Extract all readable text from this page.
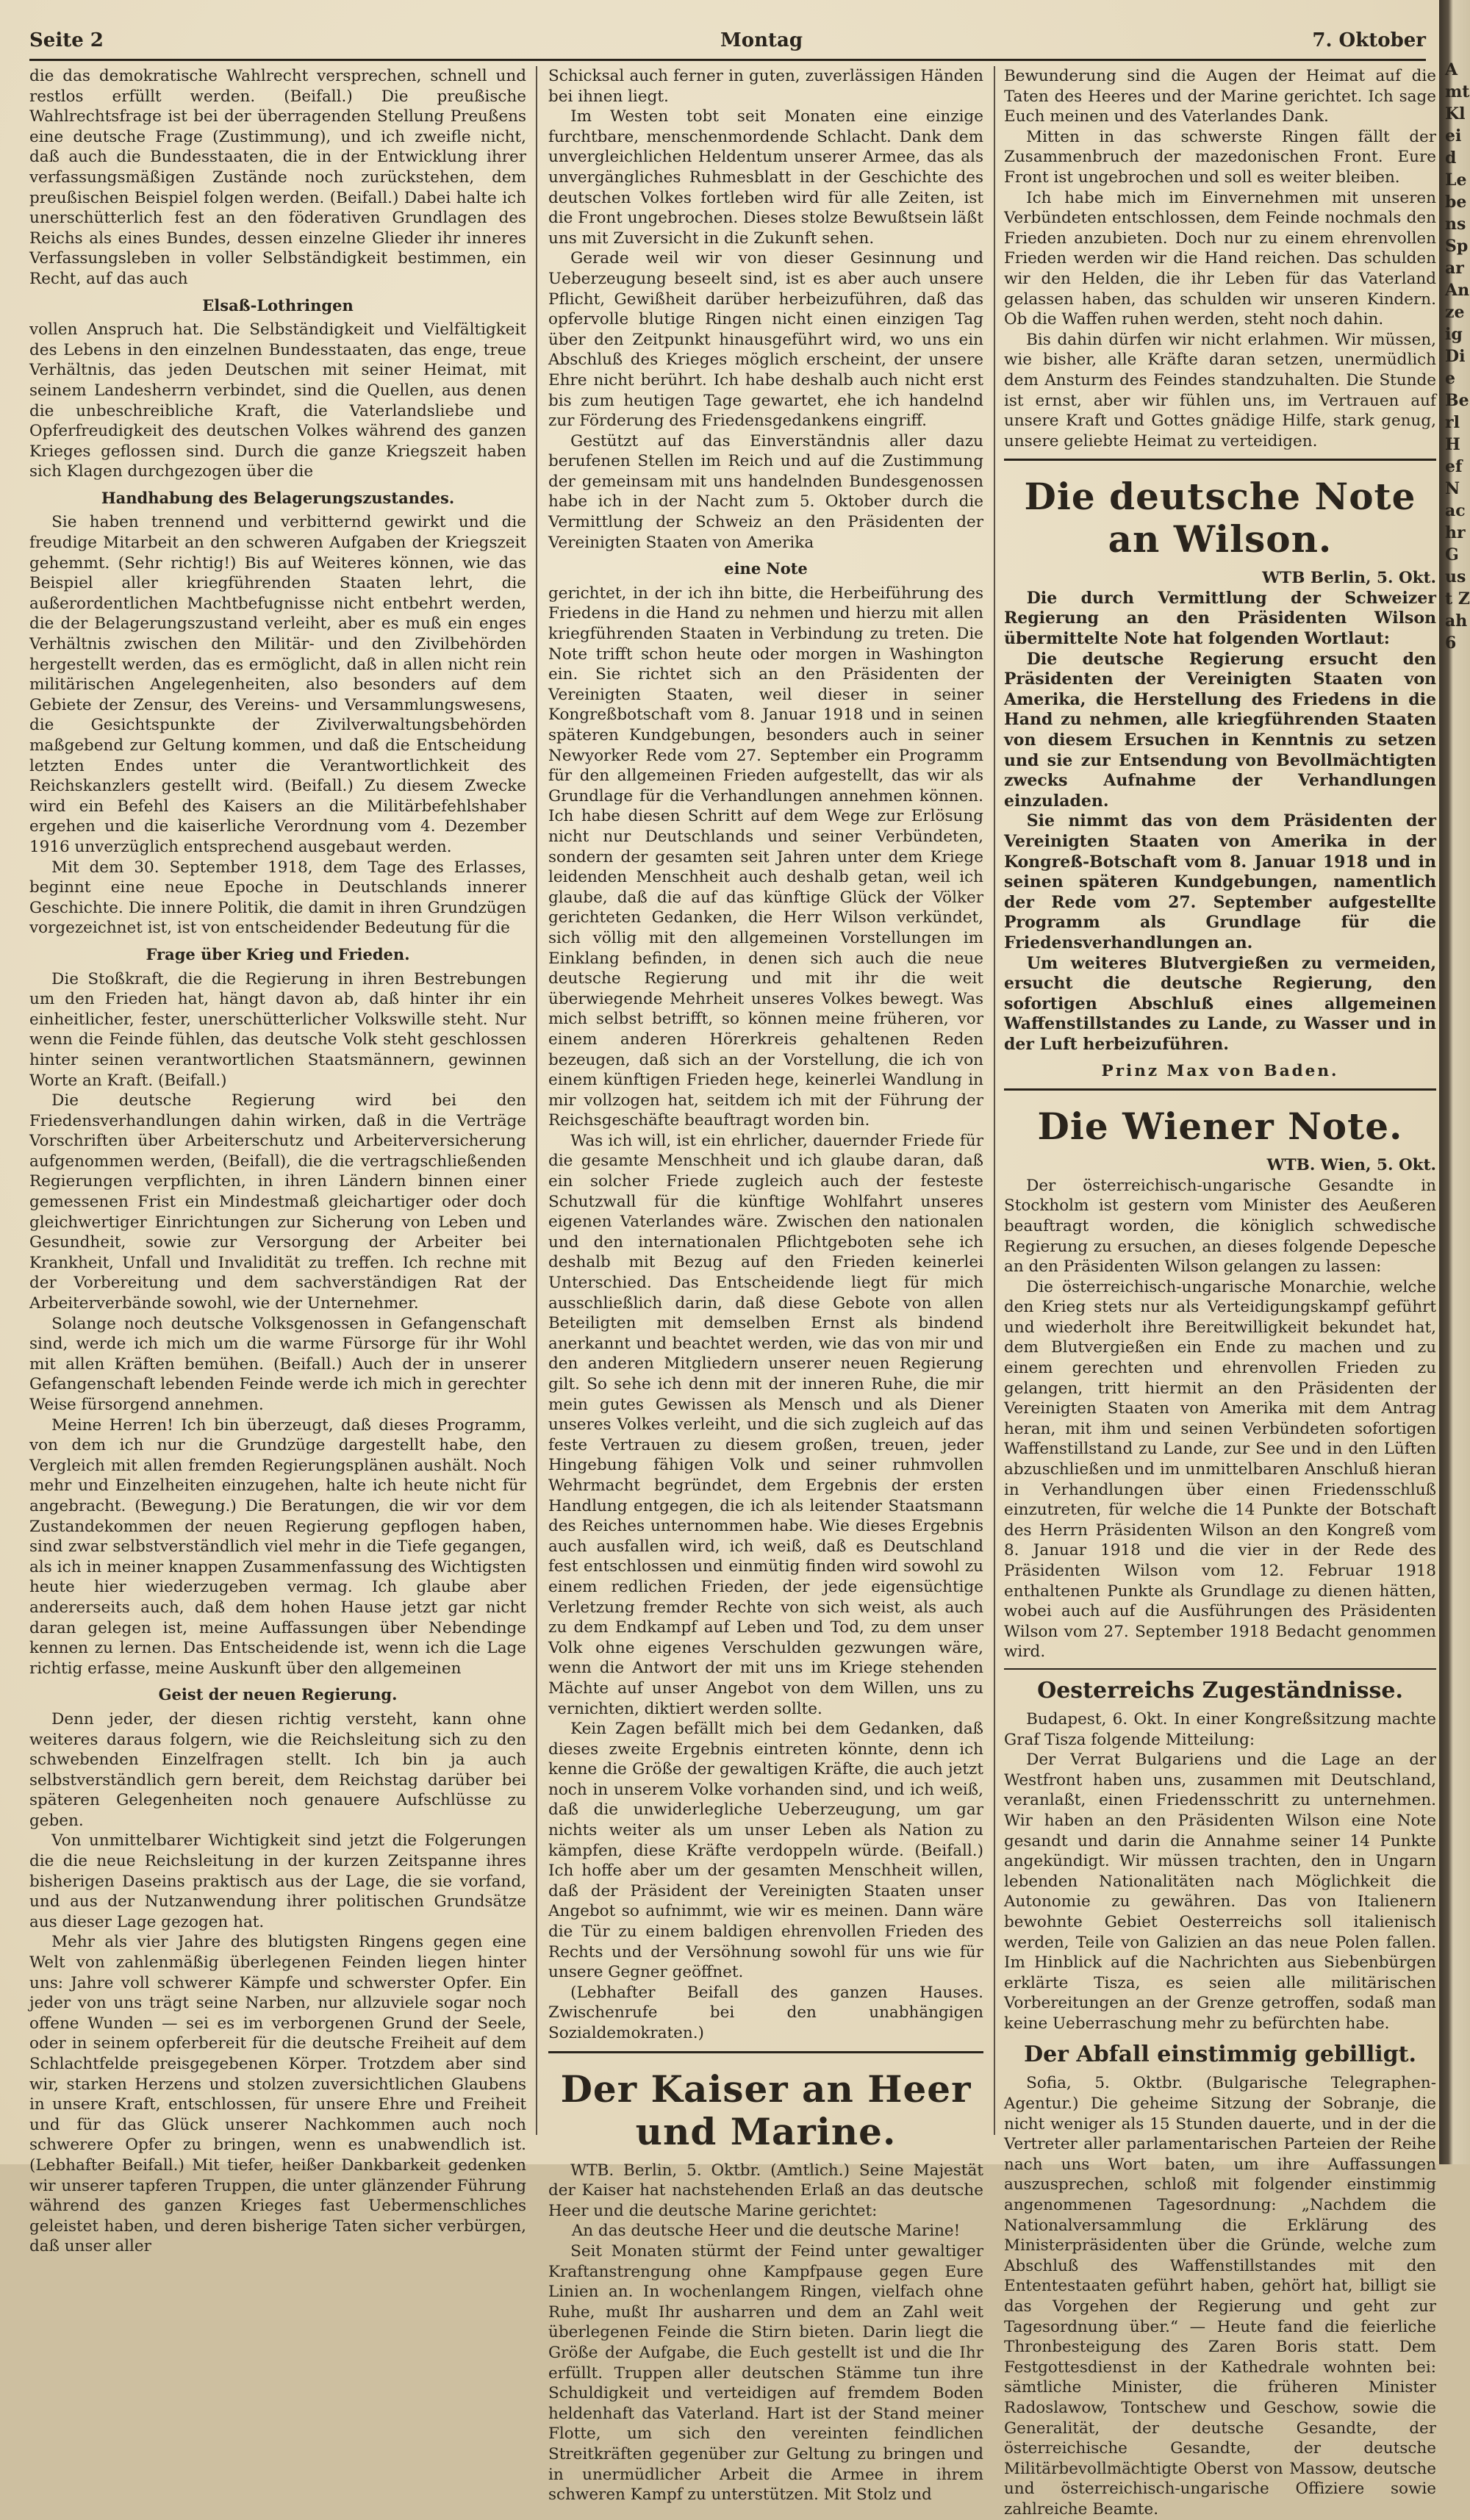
Seite 2	Montag	7. Oktober

die das demokratische Wahlrecht versprechen, schnell und restlos erfüllt werden. (Beifall.) Die preußische Wahlrechtsfrage ist bei der überragenden Stellung Preußens eine deutsche Frage (Zustimmung), und ich zweifle nicht, daß auch die Bundesstaaten, die in der Entwicklung ihrer verfassungsmäßigen Zustände noch zurückstehen, dem preußischen Beispiel folgen werden. (Beifall.) Dabei halte ich unerschütterlich fest an den föderativen Grundlagen des Reichs als eines Bundes, dessen einzelne Glieder ihr inneres Verfassungsleben in voller Selbständigkeit bestimmen, ein Recht, auf das auch

Elsaß-Lothringen

vollen Anspruch hat. Die Selbständigkeit und Vielfältigkeit des Lebens in den einzelnen Bundesstaaten, das enge, treue Verhältnis, das jeden Deutschen mit seiner Heimat, mit seinem Landesherrn verbindet, sind die Quellen, aus denen die unbeschreibliche Kraft, die Vaterlandsliebe und Opferfreudigkeit des deutschen Volkes während des ganzen Krieges geflossen sind. Durch die ganze Kriegszeit haben sich Klagen durchgezogen über die

Handhabung des Belagerungszustandes.

Sie haben trennend und verbitternd gewirkt und die freudige Mitarbeit an den schweren Aufgaben der Kriegszeit gehemmt. (Sehr richtig!) Bis auf Weiteres können, wie das Beispiel aller kriegführenden Staaten lehrt, die außerordentlichen Machtbefugnisse nicht entbehrt werden, die der Belagerungszustand verleiht, aber es muß ein enges Verhältnis zwischen den Militär- und den Zivilbehörden hergestellt werden, das es ermöglicht, daß in allen nicht rein militärischen Angelegenheiten, also besonders auf dem Gebiete der Zensur, des Vereins- und Versammlungswesens, die Gesichtspunkte der Zivilverwaltungsbehörden maßgebend zur Geltung kommen, und daß die Entscheidung letzten Endes unter die Verantwortlichkeit des Reichskanzlers gestellt wird. (Beifall.) Zu diesem Zwecke wird ein Befehl des Kaisers an die Militärbefehlshaber ergehen und die kaiserliche Verordnung vom 4. Dezember 1916 unverzüglich entsprechend ausgebaut werden.

Mit dem 30. September 1918, dem Tage des Erlasses, beginnt eine neue Epoche in Deutschlands innerer Geschichte. Die innere Politik, die damit in ihren Grundzügen vorgezeichnet ist, ist von entscheidender Bedeutung für die

Frage über Krieg und Frieden.

Die Stoßkraft, die die Regierung in ihren Bestrebungen um den Frieden hat, hängt davon ab, daß hinter ihr ein einheitlicher, fester, unerschütterlicher Volkswille steht. Nur wenn die Feinde fühlen, das deutsche Volk steht geschlossen hinter seinen verantwortlichen Staatsmännern, gewinnen Worte an Kraft. (Beifall.)

Die deutsche Regierung wird bei den Friedensverhandlungen dahin wirken, daß in die Verträge Vorschriften über Arbeiterschutz und Arbeiterversicherung aufgenommen werden, (Beifall), die die vertragschließenden Regierungen verpflichten, in ihren Ländern binnen einer gemessenen Frist ein Mindestmaß gleichartiger oder doch gleichwertiger Einrichtungen zur Sicherung von Leben und Gesundheit, sowie zur Versorgung der Arbeiter bei Krankheit, Unfall und Invalidität zu treffen. Ich rechne mit der Vorbereitung und dem sachverständigen Rat der Arbeiterverbände sowohl, wie der Unternehmer.

Solange noch deutsche Volksgenossen in Gefangenschaft sind, werde ich mich um die warme Fürsorge für ihr Wohl mit allen Kräften bemühen. (Beifall.) Auch der in unserer Gefangenschaft lebenden Feinde werde ich mich in gerechter Weise fürsorgend annehmen.

Meine Herren! Ich bin überzeugt, daß dieses Programm, von dem ich nur die Grundzüge dargestellt habe, den Vergleich mit allen fremden Regierungsplänen aushält. Noch mehr und Einzelheiten einzugehen, halte ich heute nicht für angebracht. (Bewegung.) Die Beratungen, die wir vor dem Zustandekommen der neuen Regierung gepflogen haben, sind zwar selbstverständlich viel mehr in die Tiefe gegangen, als ich in meiner knappen Zusammenfassung des Wichtigsten heute hier wiederzugeben vermag. Ich glaube aber andererseits auch, daß dem hohen Hause jetzt gar nicht daran gelegen ist, meine Auffassungen über Nebendinge kennen zu lernen. Das Entscheidende ist, wenn ich die Lage richtig erfasse, meine Auskunft über den allgemeinen

Geist der neuen Regierung.

Denn jeder, der diesen richtig versteht, kann ohne weiteres daraus folgern, wie die Reichsleitung sich zu den schwebenden Einzelfragen stellt. Ich bin ja auch selbstverständlich gern bereit, dem Reichstag darüber bei späteren Gelegenheiten noch genauere Aufschlüsse zu geben.

Von unmittelbarer Wichtigkeit sind jetzt die Folgerungen die die neue Reichsleitung in der kurzen Zeitspanne ihres bisherigen Daseins praktisch aus der Lage, die sie vorfand, und aus der Nutzanwendung ihrer politischen Grundsätze aus dieser Lage gezogen hat.

Mehr als vier Jahre des blutigsten Ringens gegen eine Welt von zahlenmäßig überlegenen Feinden liegen hinter uns: Jahre voll schwerer Kämpfe und schwerster Opfer. Ein jeder von uns trägt seine Narben, nur allzuviele sogar noch offene Wunden — sei es im verborgenen Grund der Seele, oder in seinem opferbereit für die deutsche Freiheit auf dem Schlachtfelde preisgegebenen Körper. Trotzdem aber sind wir, starken Herzens und stolzen zuversichtlichen Glaubens in unsere Kraft, entschlossen, für unsere Ehre und Freiheit und für das Glück unserer Nachkommen auch noch schwerere Opfer zu bringen, wenn es unabwendlich ist. (Lebhafter Beifall.) Mit tiefer, heißer Dankbarkeit gedenken wir unserer tapferen Truppen, die unter glänzender Führung während des ganzen Krieges fast Uebermenschliches geleistet haben, und deren bisherige Taten sicher verbürgen, daß unser aller

Schicksal auch ferner in guten, zuverlässigen Händen bei ihnen liegt.

Im Westen tobt seit Monaten eine einzige furchtbare, menschenmordende Schlacht. Dank dem unvergleichlichen Heldentum unserer Armee, das als unvergängliches Ruhmesblatt in der Geschichte des deutschen Volkes fortleben wird für alle Zeiten, ist die Front ungebrochen. Dieses stolze Bewußtsein läßt uns mit Zuversicht in die Zukunft sehen.

Gerade weil wir von dieser Gesinnung und Ueberzeugung beseelt sind, ist es aber auch unsere Pflicht, Gewißheit darüber herbeizuführen, daß das opfervolle blutige Ringen nicht einen einzigen Tag über den Zeitpunkt hinausgeführt wird, wo uns ein Abschluß des Krieges möglich erscheint, der unsere Ehre nicht berührt. Ich habe deshalb auch nicht erst bis zum heutigen Tage gewartet, ehe ich handelnd zur Förderung des Friedensgedankens eingriff.

Gestützt auf das Einverständnis aller dazu berufenen Stellen im Reich und auf die Zustimmung der gemeinsam mit uns handelnden Bundesgenossen habe ich in der Nacht zum 5. Oktober durch die Vermittlung der Schweiz an den Präsidenten der Vereinigten Staaten von Amerika

eine Note

gerichtet, in der ich ihn bitte, die Herbeiführung des Friedens in die Hand zu nehmen und hierzu mit allen kriegführenden Staaten in Verbindung zu treten. Die Note trifft schon heute oder morgen in Washington ein. Sie richtet sich an den Präsidenten der Vereinigten Staaten, weil dieser in seiner Kongreßbotschaft vom 8. Januar 1918 und in seinen späteren Kundgebungen, besonders auch in seiner Newyorker Rede vom 27. September ein Programm für den allgemeinen Frieden aufgestellt, das wir als Grundlage für die Verhandlungen annehmen können. Ich habe diesen Schritt auf dem Wege zur Erlösung nicht nur Deutschlands und seiner Verbündeten, sondern der gesamten seit Jahren unter dem Kriege leidenden Menschheit auch deshalb getan, weil ich glaube, daß die auf das künftige Glück der Völker gerichteten Gedanken, die Herr Wilson verkündet, sich völlig mit den allgemeinen Vorstellungen im Einklang befinden, in denen sich auch die neue deutsche Regierung und mit ihr die weit überwiegende Mehrheit unseres Volkes bewegt. Was mich selbst betrifft, so können meine früheren, vor einem anderen Hörerkreis gehaltenen Reden bezeugen, daß sich an der Vorstellung, die ich von einem künftigen Frieden hege, keinerlei Wandlung in mir vollzogen hat, seitdem ich mit der Führung der Reichsgeschäfte beauftragt worden bin.

Was ich will, ist ein ehrlicher, dauernder Friede für die gesamte Menschheit und ich glaube daran, daß ein solcher Friede zugleich auch der festeste Schutzwall für die künftige Wohlfahrt unseres eigenen Vaterlandes wäre. Zwischen den nationalen und den internationalen Pflichtgeboten sehe ich deshalb mit Bezug auf den Frieden keinerlei Unterschied. Das Entscheidende liegt für mich ausschließlich darin, daß diese Gebote von allen Beteiligten mit demselben Ernst als bindend anerkannt und beachtet werden, wie das von mir und den anderen Mitgliedern unserer neuen Regierung gilt. So sehe ich denn mit der inneren Ruhe, die mir mein gutes Gewissen als Mensch und als Diener unseres Volkes verleiht, und die sich zugleich auf das feste Vertrauen zu diesem großen, treuen, jeder Hingebung fähigen Volk und seiner ruhmvollen Wehrmacht begründet, dem Ergebnis der ersten Handlung entgegen, die ich als leitender Staatsmann des Reiches unternommen habe. Wie dieses Ergebnis auch ausfallen wird, ich weiß, daß es Deutschland fest entschlossen und einmütig finden wird sowohl zu einem redlichen Frieden, der jede eigensüchtige Verletzung fremder Rechte von sich weist, als auch zu dem Endkampf auf Leben und Tod, zu dem unser Volk ohne eigenes Verschulden gezwungen wäre, wenn die Antwort der mit uns im Kriege stehenden Mächte auf unser Angebot von dem Willen, uns zu vernichten, diktiert werden sollte.

Kein Zagen befällt mich bei dem Gedanken, daß dieses zweite Ergebnis eintreten könnte, denn ich kenne die Größe der gewaltigen Kräfte, die auch jetzt noch in unserem Volke vorhanden sind, und ich weiß, daß die unwiderlegliche Ueberzeugung, um gar nichts weiter als um unser Leben als Nation zu kämpfen, diese Kräfte verdoppeln würde. (Beifall.) Ich hoffe aber um der gesamten Menschheit willen, daß der Präsident der Vereinigten Staaten unser Angebot so aufnimmt, wie wir es meinen. Dann wäre die Tür zu einem baldigen ehrenvollen Frieden des Rechts und der Versöhnung sowohl für uns wie für unsere Gegner geöffnet.

(Lebhafter Beifall des ganzen Hauses. Zwischenrufe bei den unabhängigen Sozialdemokraten.)

Der Kaiser an Heer und Marine.

WTB. Berlin, 5. Oktbr. (Amtlich.) Seine Majestät der Kaiser hat nachstehenden Erlaß an das deutsche Heer und die deutsche Marine gerichtet:

An das deutsche Heer und die deutsche Marine!

Seit Monaten stürmt der Feind unter gewaltiger Kraftanstrengung ohne Kampfpause gegen Eure Linien an. In wochenlangem Ringen, vielfach ohne Ruhe, mußt Ihr ausharren und dem an Zahl weit überlegenen Feinde die Stirn bieten. Darin liegt die Größe der Aufgabe, die Euch gestellt ist und die Ihr erfüllt. Truppen aller deutschen Stämme tun ihre Schuldigkeit und verteidigen auf fremdem Boden heldenhaft das Vaterland. Hart ist der Stand meiner Flotte, um sich den vereinten feindlichen Streitkräften gegenüber zur Geltung zu bringen und in unermüdlicher Arbeit die Armee in ihrem schweren Kampf zu unterstützen. Mit Stolz und

Bewunderung sind die Augen der Heimat auf die Taten des Heeres und der Marine gerichtet. Ich sage Euch meinen und des Vaterlandes Dank.

Mitten in das schwerste Ringen fällt der Zusammenbruch der mazedonischen Front. Eure Front ist ungebrochen und soll es weiter bleiben.

Ich habe mich im Einvernehmen mit unseren Verbündeten entschlossen, dem Feinde nochmals den Frieden anzubieten. Doch nur zu einem ehrenvollen Frieden werden wir die Hand reichen. Das schulden wir den Helden, die ihr Leben für das Vaterland gelassen haben, das schulden wir unseren Kindern. Ob die Waffen ruhen werden, steht noch dahin.

Bis dahin dürfen wir nicht erlahmen. Wir müssen, wie bisher, alle Kräfte daran setzen, unermüdlich dem Ansturm des Feindes standzuhalten. Die Stunde ist ernst, aber wir fühlen uns, im Vertrauen auf unsere Kraft und Gottes gnädige Hilfe, stark genug, unsere geliebte Heimat zu verteidigen.

Die deutsche Note an Wilson.

WTB Berlin, 5. Okt.

Die durch Vermittlung der Schweizer Regierung an den Präsidenten Wilson übermittelte Note hat folgenden Wortlaut:

Die deutsche Regierung ersucht den Präsidenten der Vereinigten Staaten von Amerika, die Herstellung des Friedens in die Hand zu nehmen, alle kriegführenden Staaten von diesem Ersuchen in Kenntnis zu setzen und sie zur Entsendung von Bevollmächtigten zwecks Aufnahme der Verhandlungen einzuladen.

Sie nimmt das von dem Präsidenten der Vereinigten Staaten von Amerika in der Kongreß-Botschaft vom 8. Januar 1918 und in seinen späteren Kundgebungen, namentlich der Rede vom 27. September aufgestellte Programm als Grundlage für die Friedensverhandlungen an.

Um weiteres Blutvergießen zu vermeiden, ersucht die deutsche Regierung, den sofortigen Abschluß eines allgemeinen Waffenstillstandes zu Lande, zu Wasser und in der Luft herbeizuführen.

Prinz Max von Baden.
Die Wiener Note.

WTB. Wien, 5. Okt.

Der österreichisch-ungarische Gesandte in Stockholm ist gestern vom Minister des Aeußeren beauftragt worden, die königlich schwedische Regierung zu ersuchen, an dieses folgende Depesche an den Präsidenten Wilson gelangen zu lassen:

Die österreichisch-ungarische Monarchie, welche den Krieg stets nur als Verteidigungskampf geführt und wiederholt ihre Bereitwilligkeit bekundet hat, dem Blutvergießen ein Ende zu machen und zu einem gerechten und ehrenvollen Frieden zu gelangen, tritt hiermit an den Präsidenten der Vereinigten Staaten von Amerika mit dem Antrag heran, mit ihm und seinen Verbündeten sofortigen Waffenstillstand zu Lande, zur See und in den Lüften abzuschließen und im unmittelbaren Anschluß hieran in Verhandlungen über einen Friedensschluß einzutreten, für welche die 14 Punkte der Botschaft des Herrn Präsidenten Wilson an den Kongreß vom 8. Januar 1918 und die vier in der Rede des Präsidenten Wilson vom 12. Februar 1918 enthaltenen Punkte als Grundlage zu dienen hätten, wobei auch auf die Ausführungen des Präsidenten Wilson vom 27. September 1918 Bedacht genommen wird.

Oesterreichs Zugeständnisse.

Budapest, 6. Okt. In einer Kongreßsitzung machte Graf Tisza folgende Mitteilung:

Der Verrat Bulgariens und die Lage an der Westfront haben uns, zusammen mit Deutschland, veranlaßt, einen Friedensschritt zu unternehmen. Wir haben an den Präsidenten Wilson eine Note gesandt und darin die Annahme seiner 14 Punkte angekündigt. Wir müssen trachten, den in Ungarn lebenden Nationalitäten nach Möglichkeit die Autonomie zu gewähren. Das von Italienern bewohnte Gebiet Oesterreichs soll italienisch werden, Teile von Galizien an das neue Polen fallen. Im Hinblick auf die Nachrichten aus Siebenbürgen erklärte Tisza, es seien alle militärischen Vorbereitungen an der Grenze getroffen, sodaß man keine Ueberraschung mehr zu befürchten habe.

Der Abfall einstimmig gebilligt.

Sofia, 5. Oktbr. (Bulgarische Telegraphen-Agentur.) Die geheime Sitzung der Sobranje, die nicht weniger als 15 Stunden dauerte, und in der die Vertreter aller parlamentarischen Parteien der Reihe nach uns Wort baten, um ihre Auffassungen auszusprechen, schloß mit folgender einstimmig angenommenen Tagesordnung: „Nachdem die Nationalversammlung die Erklärung des Ministerpräsidenten über die Gründe, welche zum Abschluß des Waffenstillstandes mit den Ententestaaten geführt haben, gehört hat, billigt sie das Vorgehen der Regierung und geht zur Tagesordnung über.“ — Heute fand die feierliche Thronbesteigung des Zaren Boris statt. Dem Festgottesdienst in der Kathedrale wohnten bei: sämtliche Minister, die früheren Minister Radoslawow, Tontschew und Geschow, sowie die Generalität, der deutsche Gesandte, der österreichische Gesandte, der deutsche Militärbevollmächtigte Oberst von Massow, deutsche und österreichisch-ungarische Offiziere sowie zahlreiche Beamte.

Amt Kleid Lebens Spar Anzeig Die Berl Hef Nachr Gust Zah 6
